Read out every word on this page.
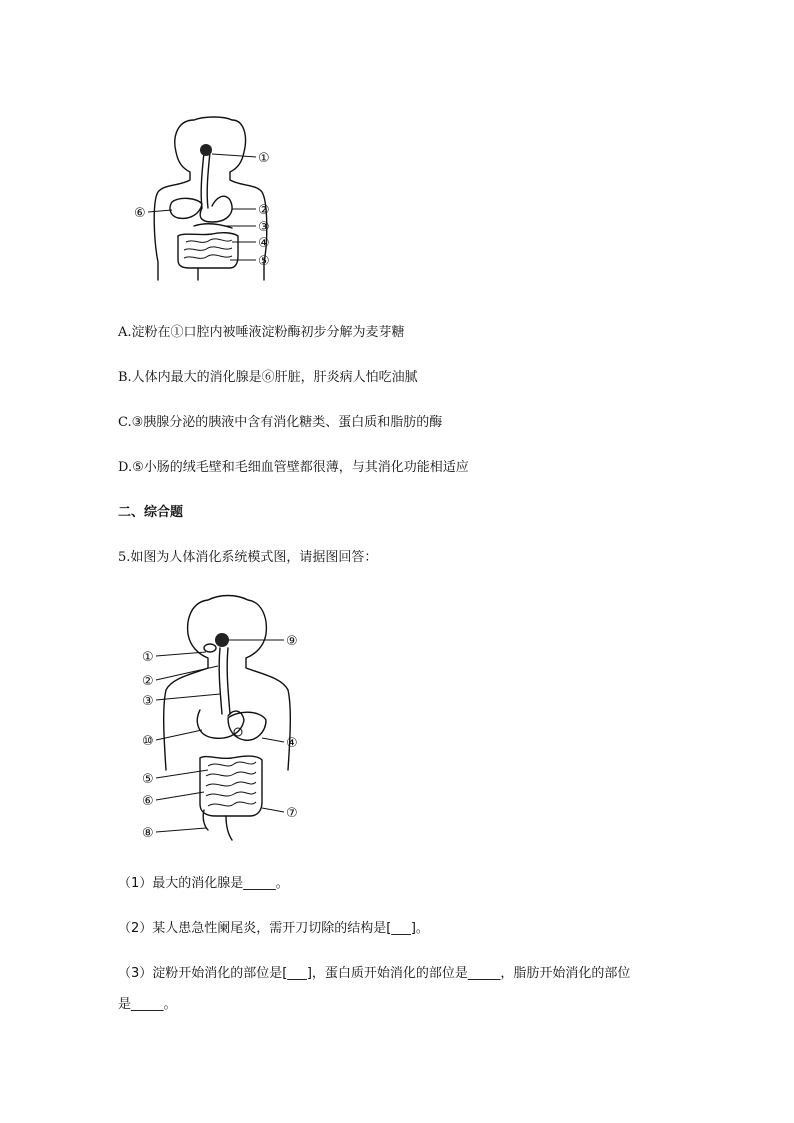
①
②
③
④
⑤
⑥
A.淀粉在①口腔内被唾液淀粉酶初步分解为麦芽糖
B.人体内最大的消化腺是⑥肝脏，肝炎病人怕吃油腻
C.③胰腺分泌的胰液中含有消化糖类、蛋白质和脂肪的酶
D.⑤小肠的绒毛壁和毛细血管壁都很薄，与其消化功能相适应
二、综合题
5.如图为人体消化系统模式图，请据图回答：
①
②
③
⑩
⑤
⑥
⑧
⑨
④
⑦
（1）最大的消化腺是_____。
（2）某人患急性阑尾炎，需开刀切除的结构是[___]。
（3）淀粉开始消化的部位是[___]，蛋白质开始消化的部位是_____，脂肪开始消化的部位
是_____。
